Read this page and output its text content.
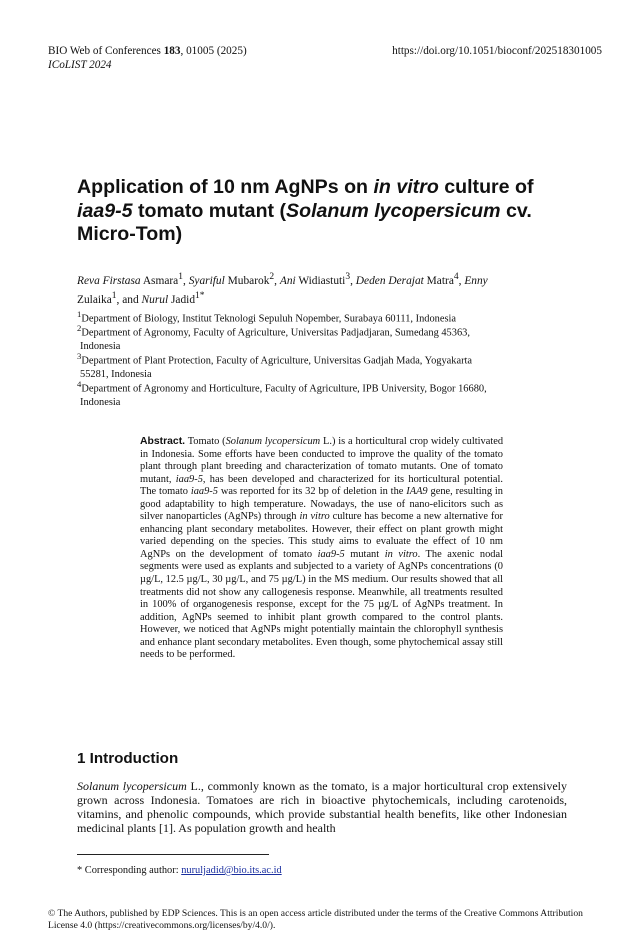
BIO Web of Conferences 183, 01005 (2025)
ICoLIST 2024
https://doi.org/10.1051/bioconf/202518301005
Application of 10 nm AgNPs on in vitro culture of
iaa9-5 tomato mutant (Solanum lycopersicum cv.
Micro-Tom)
Reva Firstasa Asmara$^1$, Syariful Mubarok$^2$, Ani Widiastuti$^3$, Deden Derajat Matra$^4$, Enny
Zulaika$^1$, and Nurul Jadid$^{1*}$
$^1$Department of Biology, Institut Teknologi Sepuluh Nopember, Surabaya 60111, Indonesia
$^2$Department of Agronomy, Faculty of Agriculture, Universitas Padjadjaran, Sumedang 45363,
Indonesia
$^3$Department of Plant Protection, Faculty of Agriculture, Universitas Gadjah Mada, Yogyakarta
55281, Indonesia
$^4$Department of Agronomy and Horticulture, Faculty of Agriculture, IPB University, Bogor 16680,
Indonesia
Abstract. Tomato (Solanum lycopersicum L.) is a horticultural crop widely cultivated in Indonesia. Some efforts have been conducted to improve the quality of the tomato plant through plant breeding and characterization of tomato mutants. One of tomato mutant, iaa9-5, has been developed and characterized for its horticultural potential. The tomato iaa9-5 was reported for its 32 bp of deletion in the IAA9 gene, resulting in good adaptability to high temperature. Nowadays, the use of nano-elicitors such as silver nanoparticles (AgNPs) through in vitro culture has become a new alternative for enhancing plant secondary metabolites. However, their effect on plant growth might varied depending on the species. This study aims to evaluate the effect of 10 nm AgNPs on the development of tomato iaa9-5 mutant in vitro. The axenic nodal segments were used as explants and subjected to a variety of AgNPs concentrations (0 µg/L, 12.5 µg/L, 30 µg/L, and 75 µg/L) in the MS medium. Our results showed that all treatments did not show any callogenesis response. Meanwhile, all treatments resulted in 100% of organogenesis response, except for the 75 µg/L of AgNPs treatment. In addition, AgNPs seemed to inhibit plant growth compared to the control plants. However, we noticed that AgNPs might potentially maintain the chlorophyll synthesis and enhance plant secondary metabolites. Even though, some phytochemical assay still needs to be performed.
1 Introduction
Solanum lycopersicum L., commonly known as the tomato, is a major horticultural crop extensively grown across Indonesia. Tomatoes are rich in bioactive phytochemicals, including carotenoids, vitamins, and phenolic compounds, which provide substantial health benefits, like other Indonesian medicinal plants [1]. As population growth and health
* Corresponding author: nuruljadid@bio.its.ac.id
© The Authors, published by EDP Sciences. This is an open access article distributed under the terms of the Creative Commons Attribution License 4.0 (https://creativecommons.org/licenses/by/4.0/).
